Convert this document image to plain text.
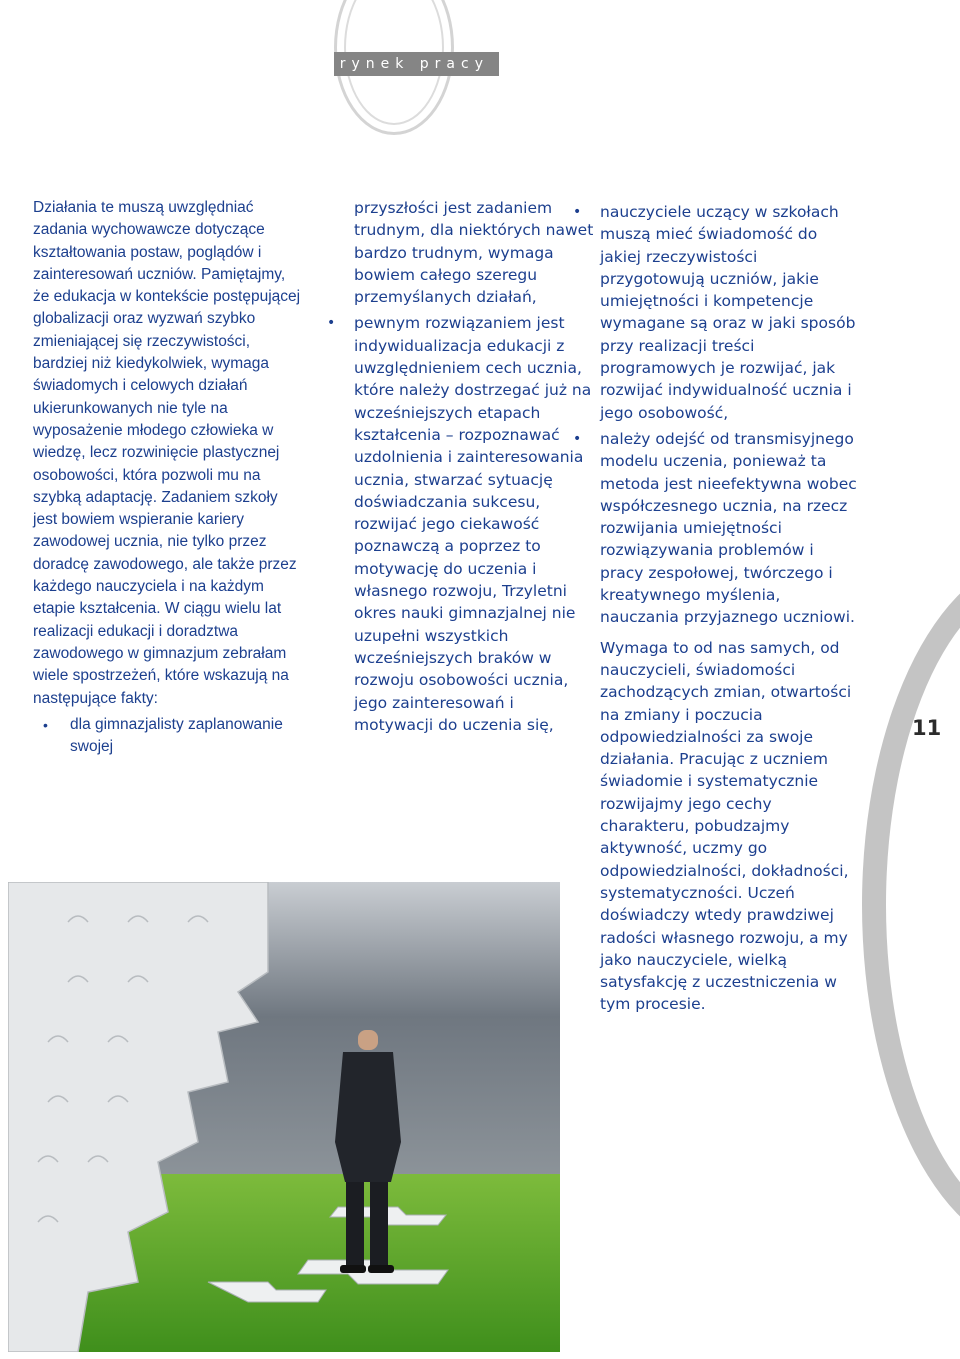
rynek pracy
11

Działania te muszą uwzględniać zadania wychowawcze dotyczące kształtowania postaw, poglądów i zainteresowań uczniów. Pamiętajmy, że edukacja w kontekście postępującej globalizacji oraz wyzwań szybko zmieniającej się rzeczywistości, bardziej niż kiedykolwiek, wymaga świadomych i celowych działań ukierunkowanych nie tyle na wyposażenie młodego człowieka w wiedzę, lecz rozwinięcie plastycznej osobowości, która pozwoli mu na szybką adaptację. Zadaniem szkoły jest bowiem wspieranie kariery zawodowej ucznia, nie tylko przez doradcę zawodowego, ale także przez każdego nauczyciela i na każdym etapie kształcenia. W ciągu wielu lat realizacji edukacji i doradztwa zawodowego w gimnazjum zebrałam wiele spostrzeżeń, które wskazują na następujące fakty:

• dla gimnazjalisty zaplanowanie swojej

przyszłości jest zadaniem trudnym, dla niektórych nawet bardzo trudnym, wymaga bowiem całego szeregu przemyślanych działań,

• pewnym rozwiązaniem jest indywidualizacja edukacji z uwzględnieniem cech ucznia, które należy dostrzegać już na wcześniejszych etapach kształcenia – rozpoznawać uzdolnienia i zainteresowania ucznia, stwarzać sytuację doświadczania sukcesu, rozwijać jego ciekawość poznawczą a poprzez to motywację do uczenia i własnego rozwoju, Trzyletni okres nauki gimnazjalnej nie uzupełni wszystkich wcześniejszych braków w rozwoju osobowości ucznia, jego zainteresowań i motywacji do uczenia się,
• nauczyciele uczący w szkołach muszą mieć świadomość do jakiej rzeczywistości przygotowują uczniów, jakie umiejętności i kompetencje wymagane są oraz w jaki sposób przy realizacji treści programowych je rozwijać, jak rozwijać indywidualność ucznia i jego osobowość,
• należy odejść od transmisyjnego modelu uczenia, ponieważ ta metoda jest nieefektywna wobec współczesnego ucznia, na rzecz rozwijania umiejętności rozwiązywania problemów i pracy zespołowej, twórczego i kreatywnego myślenia, nauczania przyjaznego uczniowi.

Wymaga to od nas samych, od nauczycieli, świadomości zachodzących zmian, otwartości na zmiany i poczucia odpowiedzialności za swoje działania. Pracując z uczniem świadomie i systematycznie rozwijajmy jego cechy charakteru, pobudzajmy aktywność, uczmy go odpowiedzialności, dokładności, systematyczności. Uczeń doświadczy wtedy prawdziwej radości własnego rozwoju, a my jako nauczyciele, wielką satysfakcję z uczestniczenia w tym procesie.
